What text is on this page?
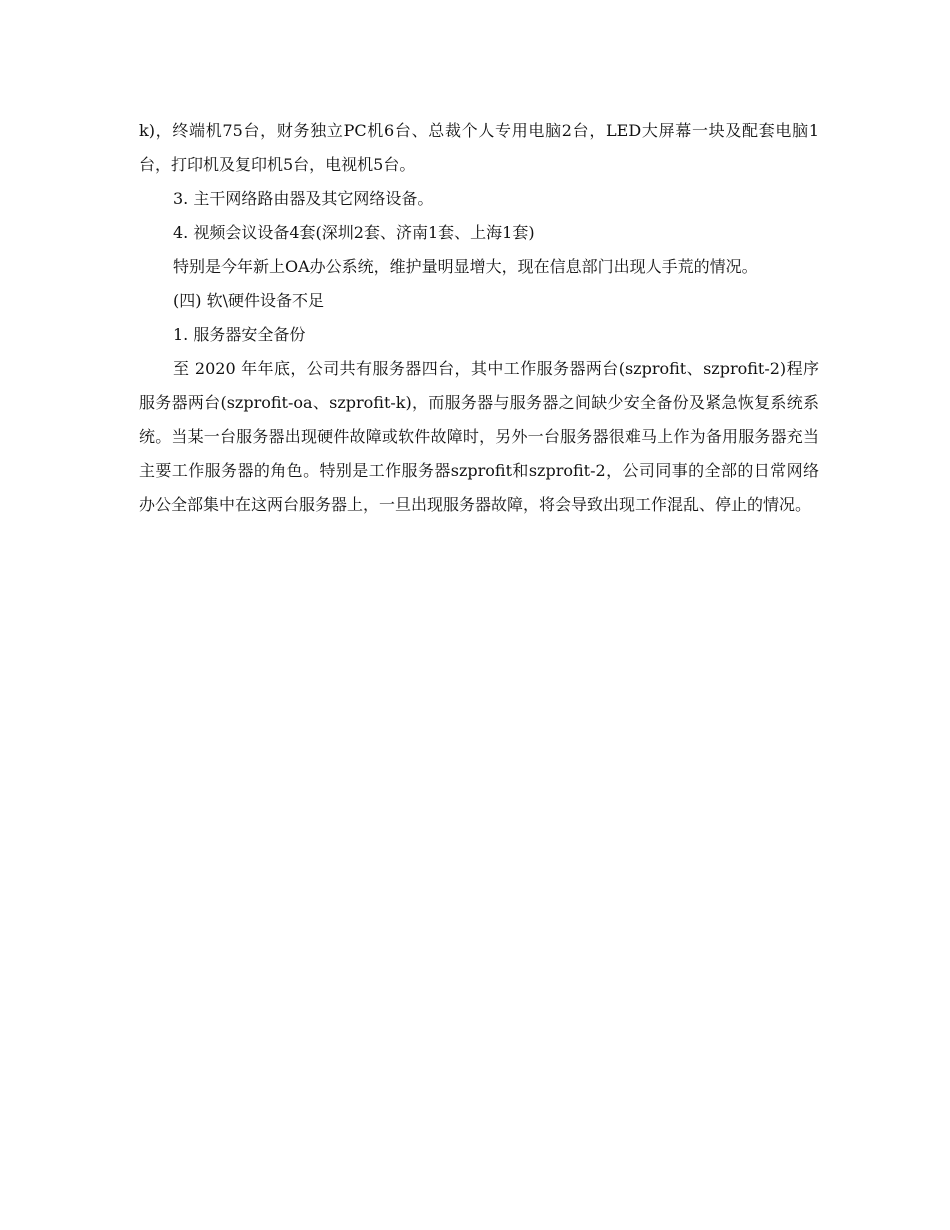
k)，终端机75台，财务独立PC机6台、总裁个人专用电脑2台，LED大屏幕一块及配套电脑1台，打印机及复印机5台，电视机5台。

3. 主干网络路由器及其它网络设备。

4. 视频会议设备4套(深圳2套、济南1套、上海1套)

特别是今年新上OA办公系统，维护量明显增大，现在信息部门出现人手荒的情况。

(四) 软\硬件设备不足

1. 服务器安全备份

至 2020 年年底，公司共有服务器四台，其中工作服务器两台(szprofit、szprofit-2)程序服务器两台(szprofit-oa、szprofit-k)，而服务器与服务器之间缺少安全备份及紧急恢复系统系统。当某一台服务器出现硬件故障或软件故障时，另外一台服务器很难马上作为备用服务器充当主要工作服务器的角色。特别是工作服务器szprofit和szprofit-2，公司同事的全部的日常网络办公全部集中在这两台服务器上，一旦出现服务器故障，将会导致出现工作混乱、停止的情况。
